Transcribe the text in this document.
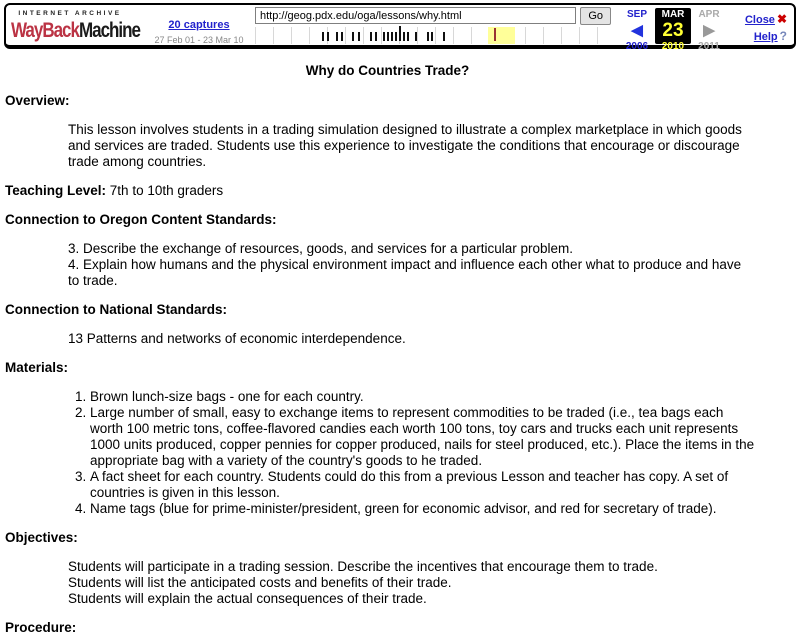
INTERNET ARCHIVE
WayBackMachine	20 captures
27 Feb 01 - 23 Mar 10
http://geog.pdx.edu/oga/lessons/why.html
Go	SEP
◀
2006
MAR
23
2010
APR
▶
2011
Close ✖
Help ?
Why do Countries Trade?
Overview:
This lesson involves students in a trading simulation designed to illustrate a complex marketplace in which goods and services are traded. Students use this experience to investigate the conditions that encourage or discourage trade among countries.
Teaching Level: 7th to 10th graders
Connection to Oregon Content Standards:
3. Describe the exchange of resources, goods, and services for a particular problem.
4. Explain how humans and the physical environment impact and influence each other what to produce and have to trade.
Connection to National Standards:
13 Patterns and networks of economic interdependence.
Materials:
1. Brown lunch-size bags - one for each country.
2. Large number of small, easy to exchange items to represent commodities to be traded (i.e., tea bags each worth 100 metric tons, coffee-flavored candies each worth 100 tons, toy cars and trucks each unit represents 1000 units produced, copper pennies for copper produced, nails for steel produced, etc.). Place the items in the appropriate bag with a variety of the country's goods to he traded.
3. A fact sheet for each country. Students could do this from a previous Lesson and teacher has copy. A set of countries is given in this lesson.
4. Name tags (blue for prime-minister/president, green for economic advisor, and red for secretary of trade).
Objectives:
Students will participate in a trading session. Describe the incentives that encourage them to trade.
Students will list the anticipated costs and benefits of their trade.
Students will explain the actual consequences of their trade.
Procedure:
